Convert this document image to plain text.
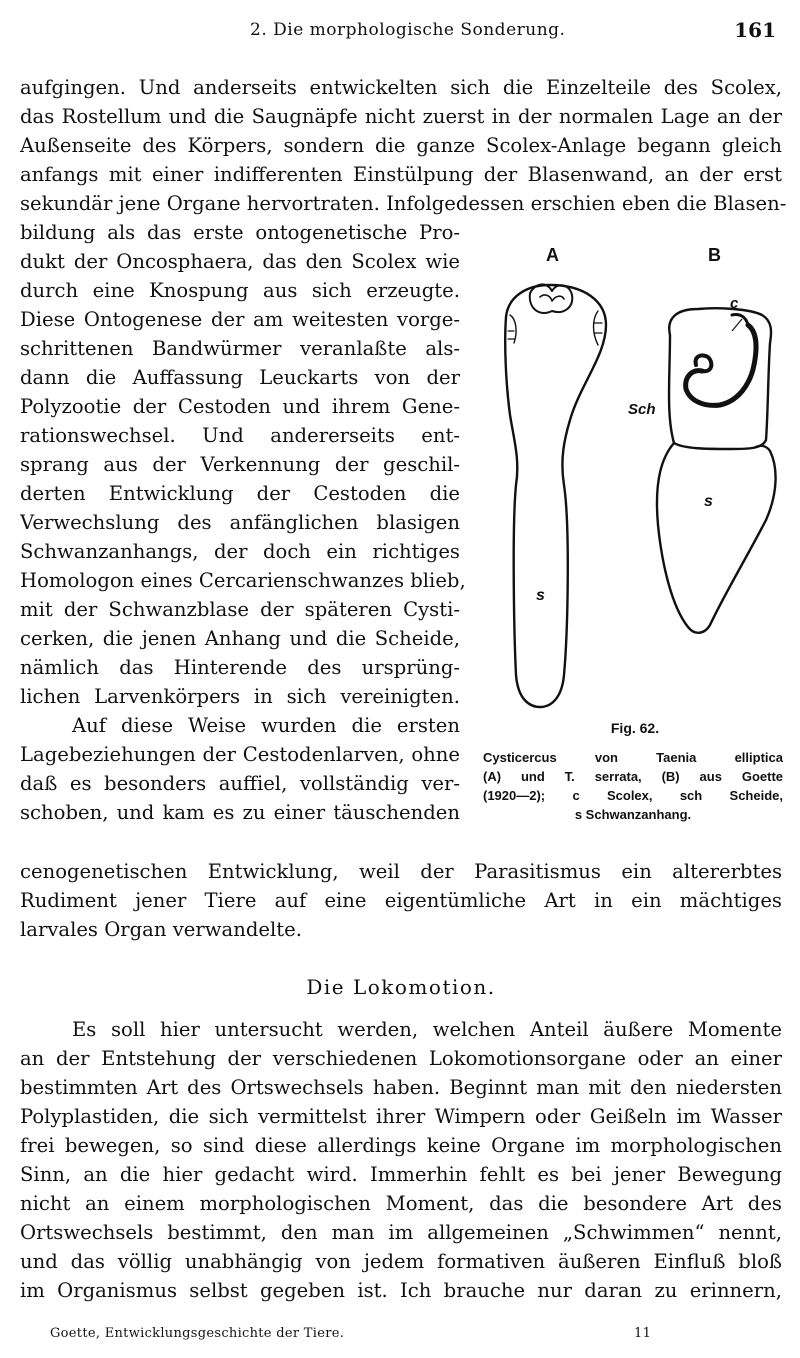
2. Die morphologische Sonderung.	161
aufgingen. Und anderseits entwickelten sich die Einzelteile des Scolex,
das Rostellum und die Saugnäpfe nicht zuerst in der normalen Lage an der
Außenseite des Körpers, sondern die ganze Scolex-Anlage begann gleich
anfangs mit einer indifferenten Einstülpung der Blasenwand, an der erst
sekundär jene Organe hervortraten. Infolgedessen erschien eben die Blasen-
bildung als das erste ontogenetische Pro-
dukt der Oncosphaera, das den Scolex wie
durch eine Knospung aus sich erzeugte.
Diese Ontogenese der am weitesten vorge-
schrittenen Bandwürmer veranlaßte als-
dann die Auffassung Leuckarts von der
Polyzootie der Cestoden und ihrem Gene-
rationswechsel. Und andererseits ent-
sprang aus der Verkennung der geschil-
derten Entwicklung der Cestoden die
Verwechslung des anfänglichen blasigen
Schwanzanhangs, der doch ein richtiges
Homologon eines Cercarienschwanzes blieb,
mit der Schwanzblase der späteren Cysti-
cerken, die jenen Anhang und die Scheide,
nämlich das Hinterende des ursprüng-
lichen Larvenkörpers in sich vereinigten.
Auf diese Weise wurden die ersten
Lagebeziehungen der Cestodenlarven, ohne
daß es besonders auffiel, vollständig ver-
schoben, und kam es zu einer täuschenden
cenogenetischen Entwicklung, weil der Parasitismus ein altererbtes
Rudiment jener Tiere auf eine eigentümliche Art in ein mächtiges
larvales Organ verwandelte.
Die Lokomotion.
Es soll hier untersucht werden, welchen Anteil äußere Momente
an der Entstehung der verschiedenen Lokomotionsorgane oder an einer
bestimmten Art des Ortswechsels haben. Beginnt man mit den niedersten
Polyplastiden, die sich vermittelst ihrer Wimpern oder Geißeln im Wasser
frei bewegen, so sind diese allerdings keine Organe im morphologischen
Sinn, an die hier gedacht wird. Immerhin fehlt es bei jener Bewegung
nicht an einem morphologischen Moment, das die besondere Art des
Ortswechsels bestimmt, den man im allgemeinen „Schwimmen“ nennt,
und das völlig unabhängig von jedem formativen äußeren Einfluß bloß
im Organismus selbst gegeben ist. Ich brauche nur daran zu erinnern,
A	B
c
Sch
s
s
Fig. 62.
Cysticercus von Taenia elliptica
(A) und T. serrata, (B) aus Goette
(1920—2); c Scolex, sch Scheide,
s Schwanzanhang.
Goette, Entwicklungsgeschichte der Tiere.	11
